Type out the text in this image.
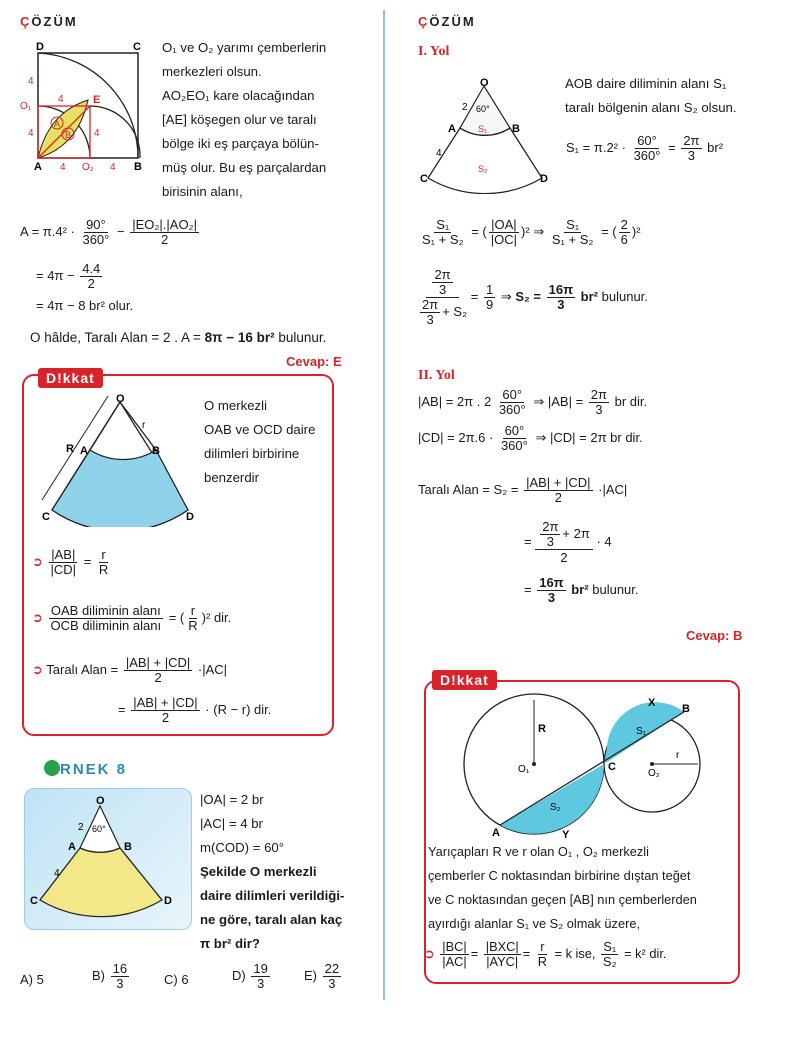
ÇÖZÜM
A
B
D	C
A	B
E
O₁
O₂
4
4
4
4
4	4
O₁ ve O₂ yarımı çemberlerin
merkezleri olsun.
AO₂EO₁ kare olacağından
[AE] köşegen olur ve taralı
bölge iki eş parçaya bölün-
müş olur. Bu eş parçalardan
birisinin alanı,
$A = \pi.4^2 \cdot \frac{90^\circ}{360^\circ} - \frac{\text{|EO₂|.|AO₂|}}{2}$
= $4\pi - \frac{4.4}{2}$
= 4π − 8 br² olur.
O hâlde, Taralı Alan = 2 . A = 8π − 16 br² bulunur.
Cevap: E
D!kkat
O
r
R A	B
C	D
O merkezli
OAB ve OCD daire
dilimleri birbirine
benzerdir
➲ $\frac{|AB|}{|CD|} = \frac{r}{R}$
➲ $\frac{\text{OAB diliminin alanı}}{\text{OCB diliminin alanı}}$ = ( $\frac{r}{R} )^2$ dir.
➲ Taralı Alan = $\frac{|AB| + |CD|}{2} \cdot|AC|$
= $\frac{|AB| + |CD|}{2} \cdot (R - r)$ dir.
RNEK 8
O
2 60°
A	B
4
C	D
|OA| = 2 br
|AC| = 4 br
m(COD) = 60°
Şekilde O merkezli
daire dilimleri verildiği-
ne göre, taralı alan kaç
π br² dir?
A) 5	$B) \frac{16}{3}$	C) 6	$D) \frac{19}{3}$	$E) \frac{22}{3}$
ÇÖZÜM
I. Yol
O
2 60°
A	B
S₁
4
S₂
C	D
AOB daire diliminin alanı S₁
taralı bölgenin alanı S₂ olsun.
$S_1 = \pi.2^2 \cdot \frac{60^\circ}{360^\circ} = \frac{2\pi}{3} br^2$
$\frac{\text{S₁}}{\text{S₁ + S₂}}$ = ( $\frac{|OA|}{|OC|} )^2$ ⇒ $\frac{\text{S₁}}{\text{S₁ + S₂}}$ = ( $\frac{2}{6} )^2$
$\frac{\frac{2\pi}{3}}{\frac{2\pi}{3} + S_2} = \frac{1}{9}$ ⇒ $S_2 = \frac{16\pi}{3} br^2$ bulunur.
II. Yol
|AB| = 2π . $2 \frac{60^\circ}{360^\circ}$ ⇒ $|AB| = \frac{2\pi}{3}$ br dir.
$|CD| = 2\pi.6 \cdot \frac{60^\circ}{360^\circ}$ ⇒ |CD| = 2π br dir.
Taralı Alan = $S_2 = \frac{|AB| + |CD|}{2} \cdot|AC|$
= $\frac{\frac{2\pi}{3} + 2\pi}{2} \cdot 4$
= $\frac{16\pi}{3} br^2$ bulunur.
Cevap: B
D!kkat
R
O₁
A
S₂
Y
C
X B
S₁
r
O₂
Yarıçapları R ve r olan O₁ , O₂ merkezli
çemberler C noktasından birbirine dıştan teğet
ve C noktasından geçen [AB] nın çemberlerden
ayırdığı alanlar S₁ ve S₂ olmak üzere,
➲ $\frac{|BC|}{|AC|} = \frac{\text{|BXC|}}{\text{|AYC|}} = \frac{r}{R} = k$ ise, $\frac{\text{S₁}}{\text{S₂}} = k^2$ dir.
